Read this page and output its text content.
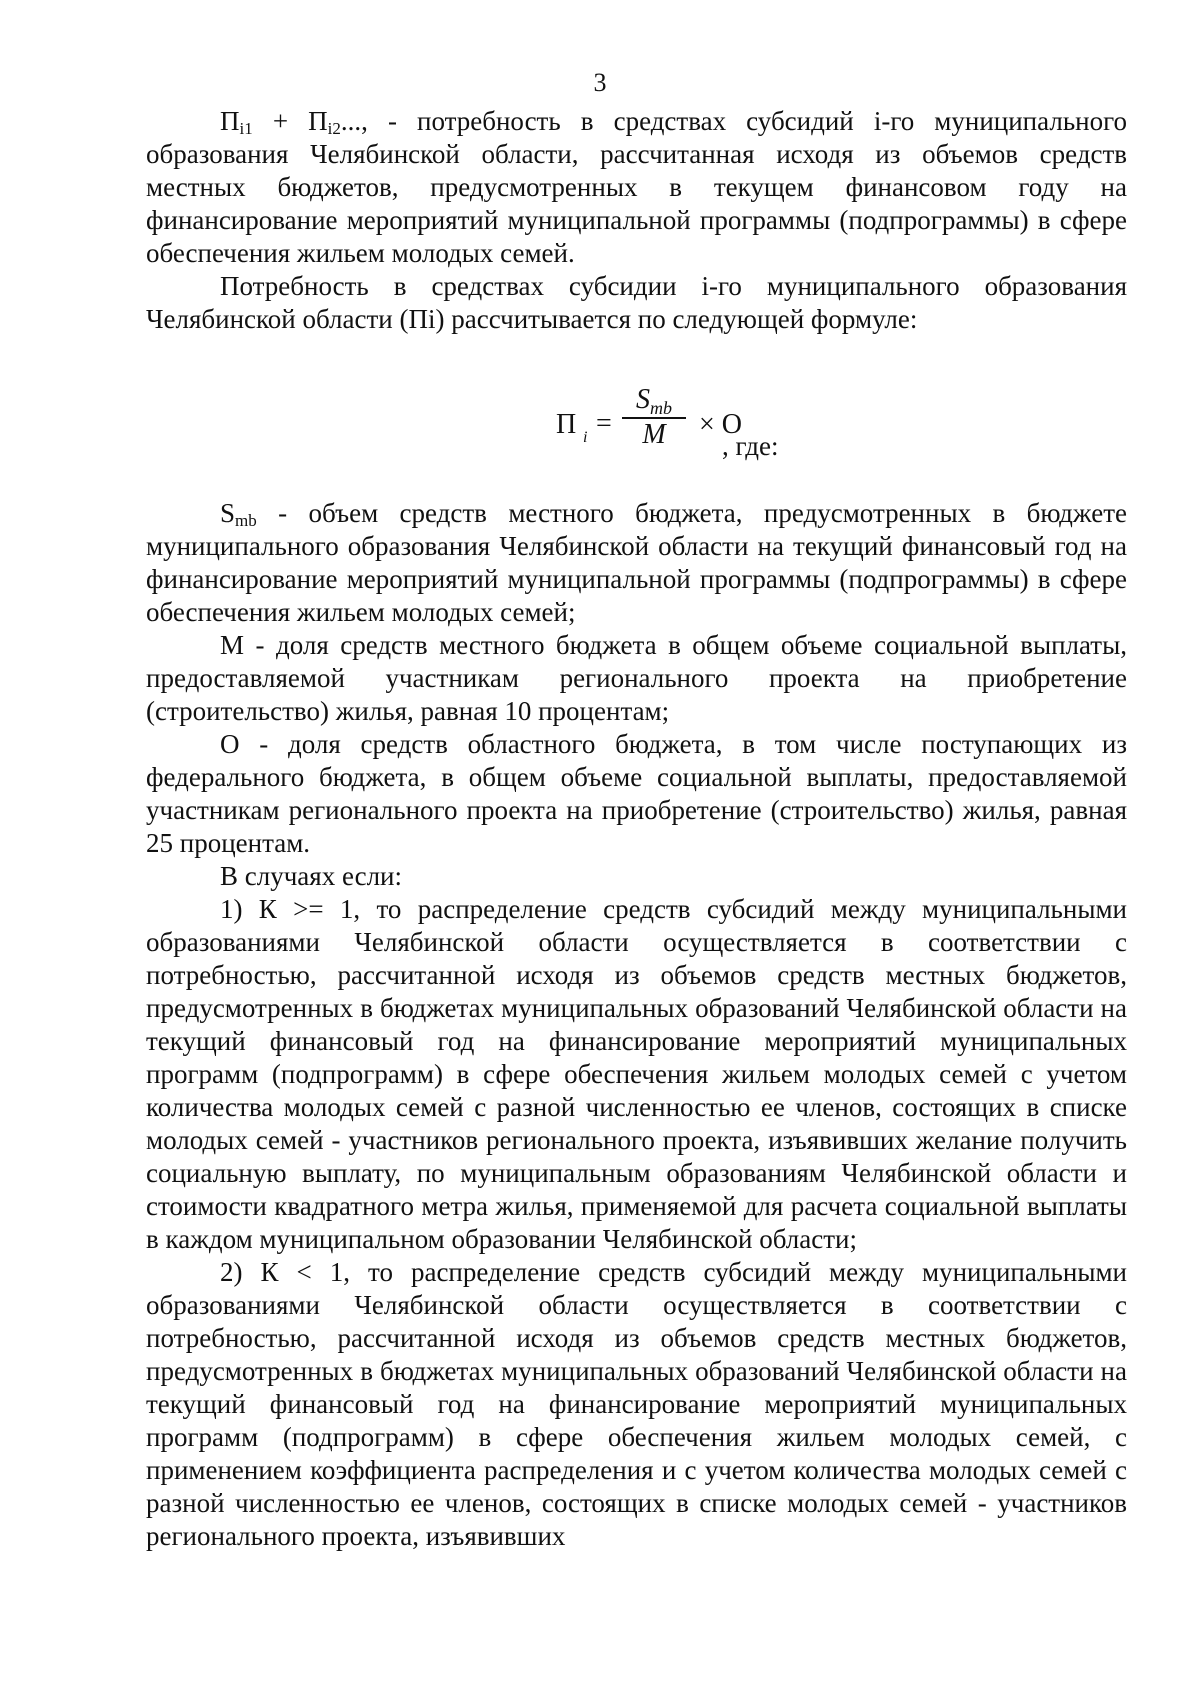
3

$П_{i1} + П_{i2}$..., - потребность в средствах субсидий i-го муниципального образования Челябинской области, рассчитанная исходя из объемов средств местных бюджетов, предусмотренных в текущем финансовом году на финансирование мероприятий муниципальной программы (подпрограммы) в сфере обеспечения жильем молодых семей.

Потребность в средствах субсидии i-го муниципального образования Челябинской области (Пi) рассчитывается по следующей формуле:

П i =
$S_{mb}$
M	× O
, где:

$S_{mb}$ - объем средств местного бюджета, предусмотренных в бюджете муниципального образования Челябинской области на текущий финансовый год на финансирование мероприятий муниципальной программы (подпрограммы) в сфере обеспечения жильем молодых семей;

М - доля средств местного бюджета в общем объеме социальной выплаты, предоставляемой участникам регионального проекта на приобретение (строительство) жилья, равная 10 процентам;

О - доля средств областного бюджета, в том числе поступающих из федерального бюджета, в общем объеме социальной выплаты, предоставляемой участникам регионального проекта на приобретение (строительство) жилья, равная 25 процентам.

В случаях если:

1) К >= 1, то распределение средств субсидий между муниципальными образованиями Челябинской области осуществляется в соответствии с потребностью, рассчитанной исходя из объемов средств местных бюджетов, предусмотренных в бюджетах муниципальных образований Челябинской области на текущий финансовый год на финансирование мероприятий муниципальных программ (подпрограмм) в сфере обеспечения жильем молодых семей с учетом количества молодых семей с разной численностью ее членов, состоящих в списке молодых семей - участников регионального проекта, изъявивших желание получить социальную выплату, по муниципальным образованиям Челябинской области и стоимости квадратного метра жилья, применяемой для расчета социальной выплаты в каждом муниципальном образовании Челябинской области;

2) К < 1, то распределение средств субсидий между муниципальными образованиями Челябинской области осуществляется в соответствии с потребностью, рассчитанной исходя из объемов средств местных бюджетов, предусмотренных в бюджетах муниципальных образований Челябинской области на текущий финансовый год на финансирование мероприятий муниципальных программ (подпрограмм) в сфере обеспечения жильем молодых семей, с применением коэффициента распределения и с учетом количества молодых семей с разной численностью ее членов, состоящих в списке молодых семей - участников регионального проекта, изъявивших
